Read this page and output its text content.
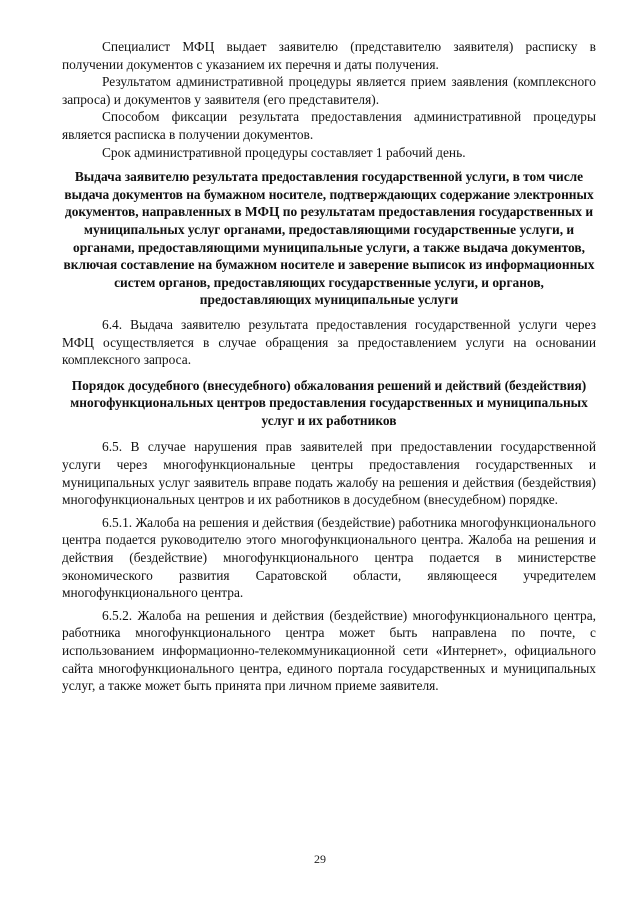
Специалист МФЦ выдает заявителю (представителю заявителя) расписку в получении документов с указанием их перечня и даты получения.

Результатом административной процедуры является прием заявления (комплексного запроса) и документов у заявителя (его представителя).

Способом фиксации результата предоставления административной процедуры является расписка в получении документов.

Срок административной процедуры составляет 1 рабочий день.

Выдача заявителю результата предоставления государственной услуги, в том числе выдача документов на бумажном носителе, подтверждающих содержание электронных документов, направленных в МФЦ по результатам предоставления государственных и муниципальных услуг органами, предоставляющими государственные услуги, и органами, предоставляющими муниципальные услуги, а также выдача документов, включая составление на бумажном носителе и заверение выписок из информационных систем органов, предоставляющих государственные услуги, и органов, предоставляющих муниципальные услуги

6.4. Выдача заявителю результата предоставления государственной услуги через МФЦ осуществляется в случае обращения за предоставлением услуги на основании комплексного запроса.

Порядок досудебного (внесудебного) обжалования решений и действий (бездействия) многофункциональных центров предоставления государственных и муниципальных услуг и их работников

6.5. В случае нарушения прав заявителей при предоставлении государственной услуги через многофункциональные центры предоставления государственных и муниципальных услуг заявитель вправе подать жалобу на решения и действия (бездействия) многофункциональных центров и их работников в досудебном (внесудебном) порядке.

6.5.1. Жалоба на решения и действия (бездействие) работника многофункционального центра подается руководителю этого многофункционального центра. Жалоба на решения и действия (бездействие) многофункционального центра подается в министерстве экономического развития Саратовской области, являющееся учредителем многофункционального центра.

6.5.2. Жалоба на решения и действия (бездействие) многофункционального центра, работника многофункционального центра может быть направлена по почте, с использованием информационно-телекоммуникационной сети «Интернет», официального сайта многофункционального центра, единого портала государственных и муниципальных услуг, а также может быть принята при личном приеме заявителя.

29
